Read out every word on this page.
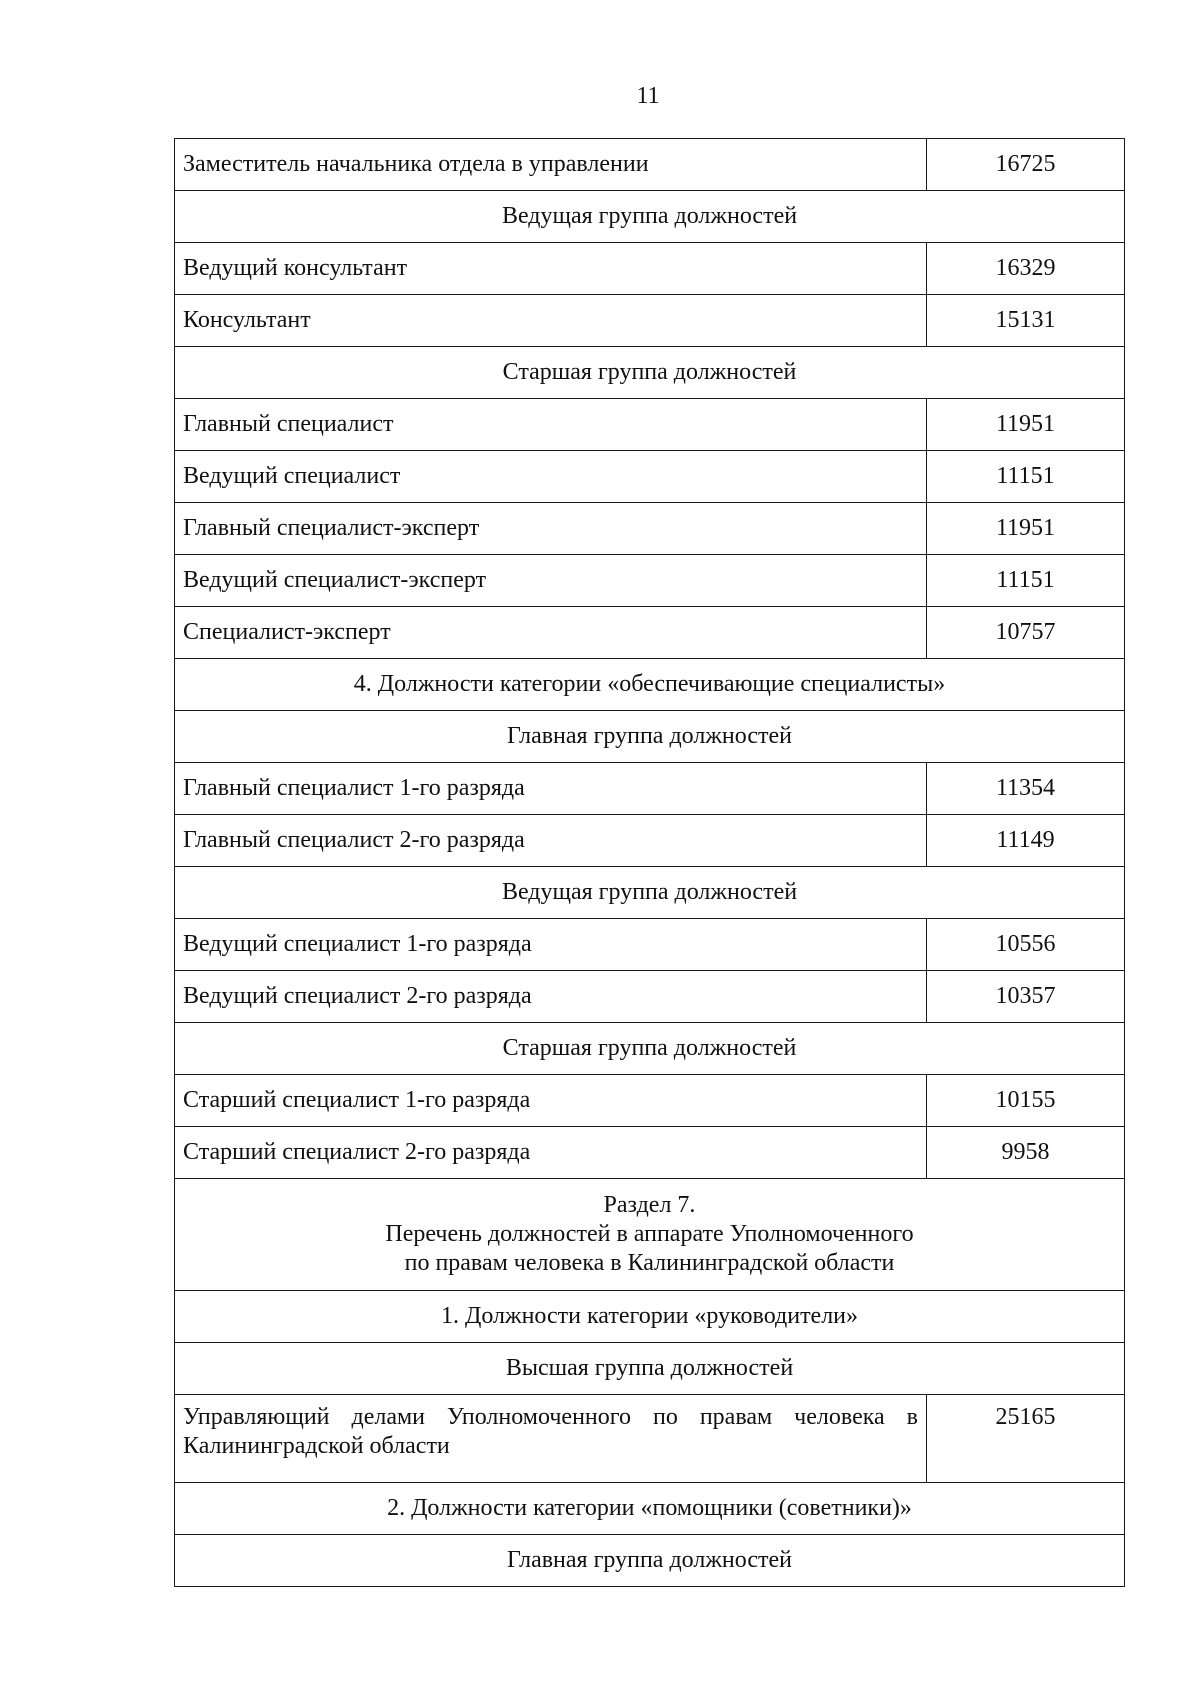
11
Заместитель начальника отдела в управлении	16725
Ведущая группа должностей	
Ведущий консультант	16329
Консультант	15131
Старшая группа должностей	
Главный специалист	11951
Ведущий специалист	11151
Главный специалист-эксперт	11951
Ведущий специалист-эксперт	11151
Специалист-эксперт	10757
4. Должности категории «обеспечивающие специалисты»	
Главная группа должностей	
Главный специалист 1-го разряда	11354
Главный специалист 2-го разряда	11149
Ведущая группа должностей	
Ведущий специалист 1-го разряда	10556
Ведущий специалист 2-го разряда	10357
Старшая группа должностей	
Старший специалист 1-го разряда	10155
Старший специалист 2-го разряда	9958

Раздел 7.
Перечень должностей в аппарате Уполномоченного
по правам человека в Калининградской области	

1. Должности категории «руководители»	
Высшая группа должностей	
Управляющий делами Уполномоченного по правам человека в Калининградской области	25165
2. Должности категории «помощники (советники)»	
Главная группа должностей	
